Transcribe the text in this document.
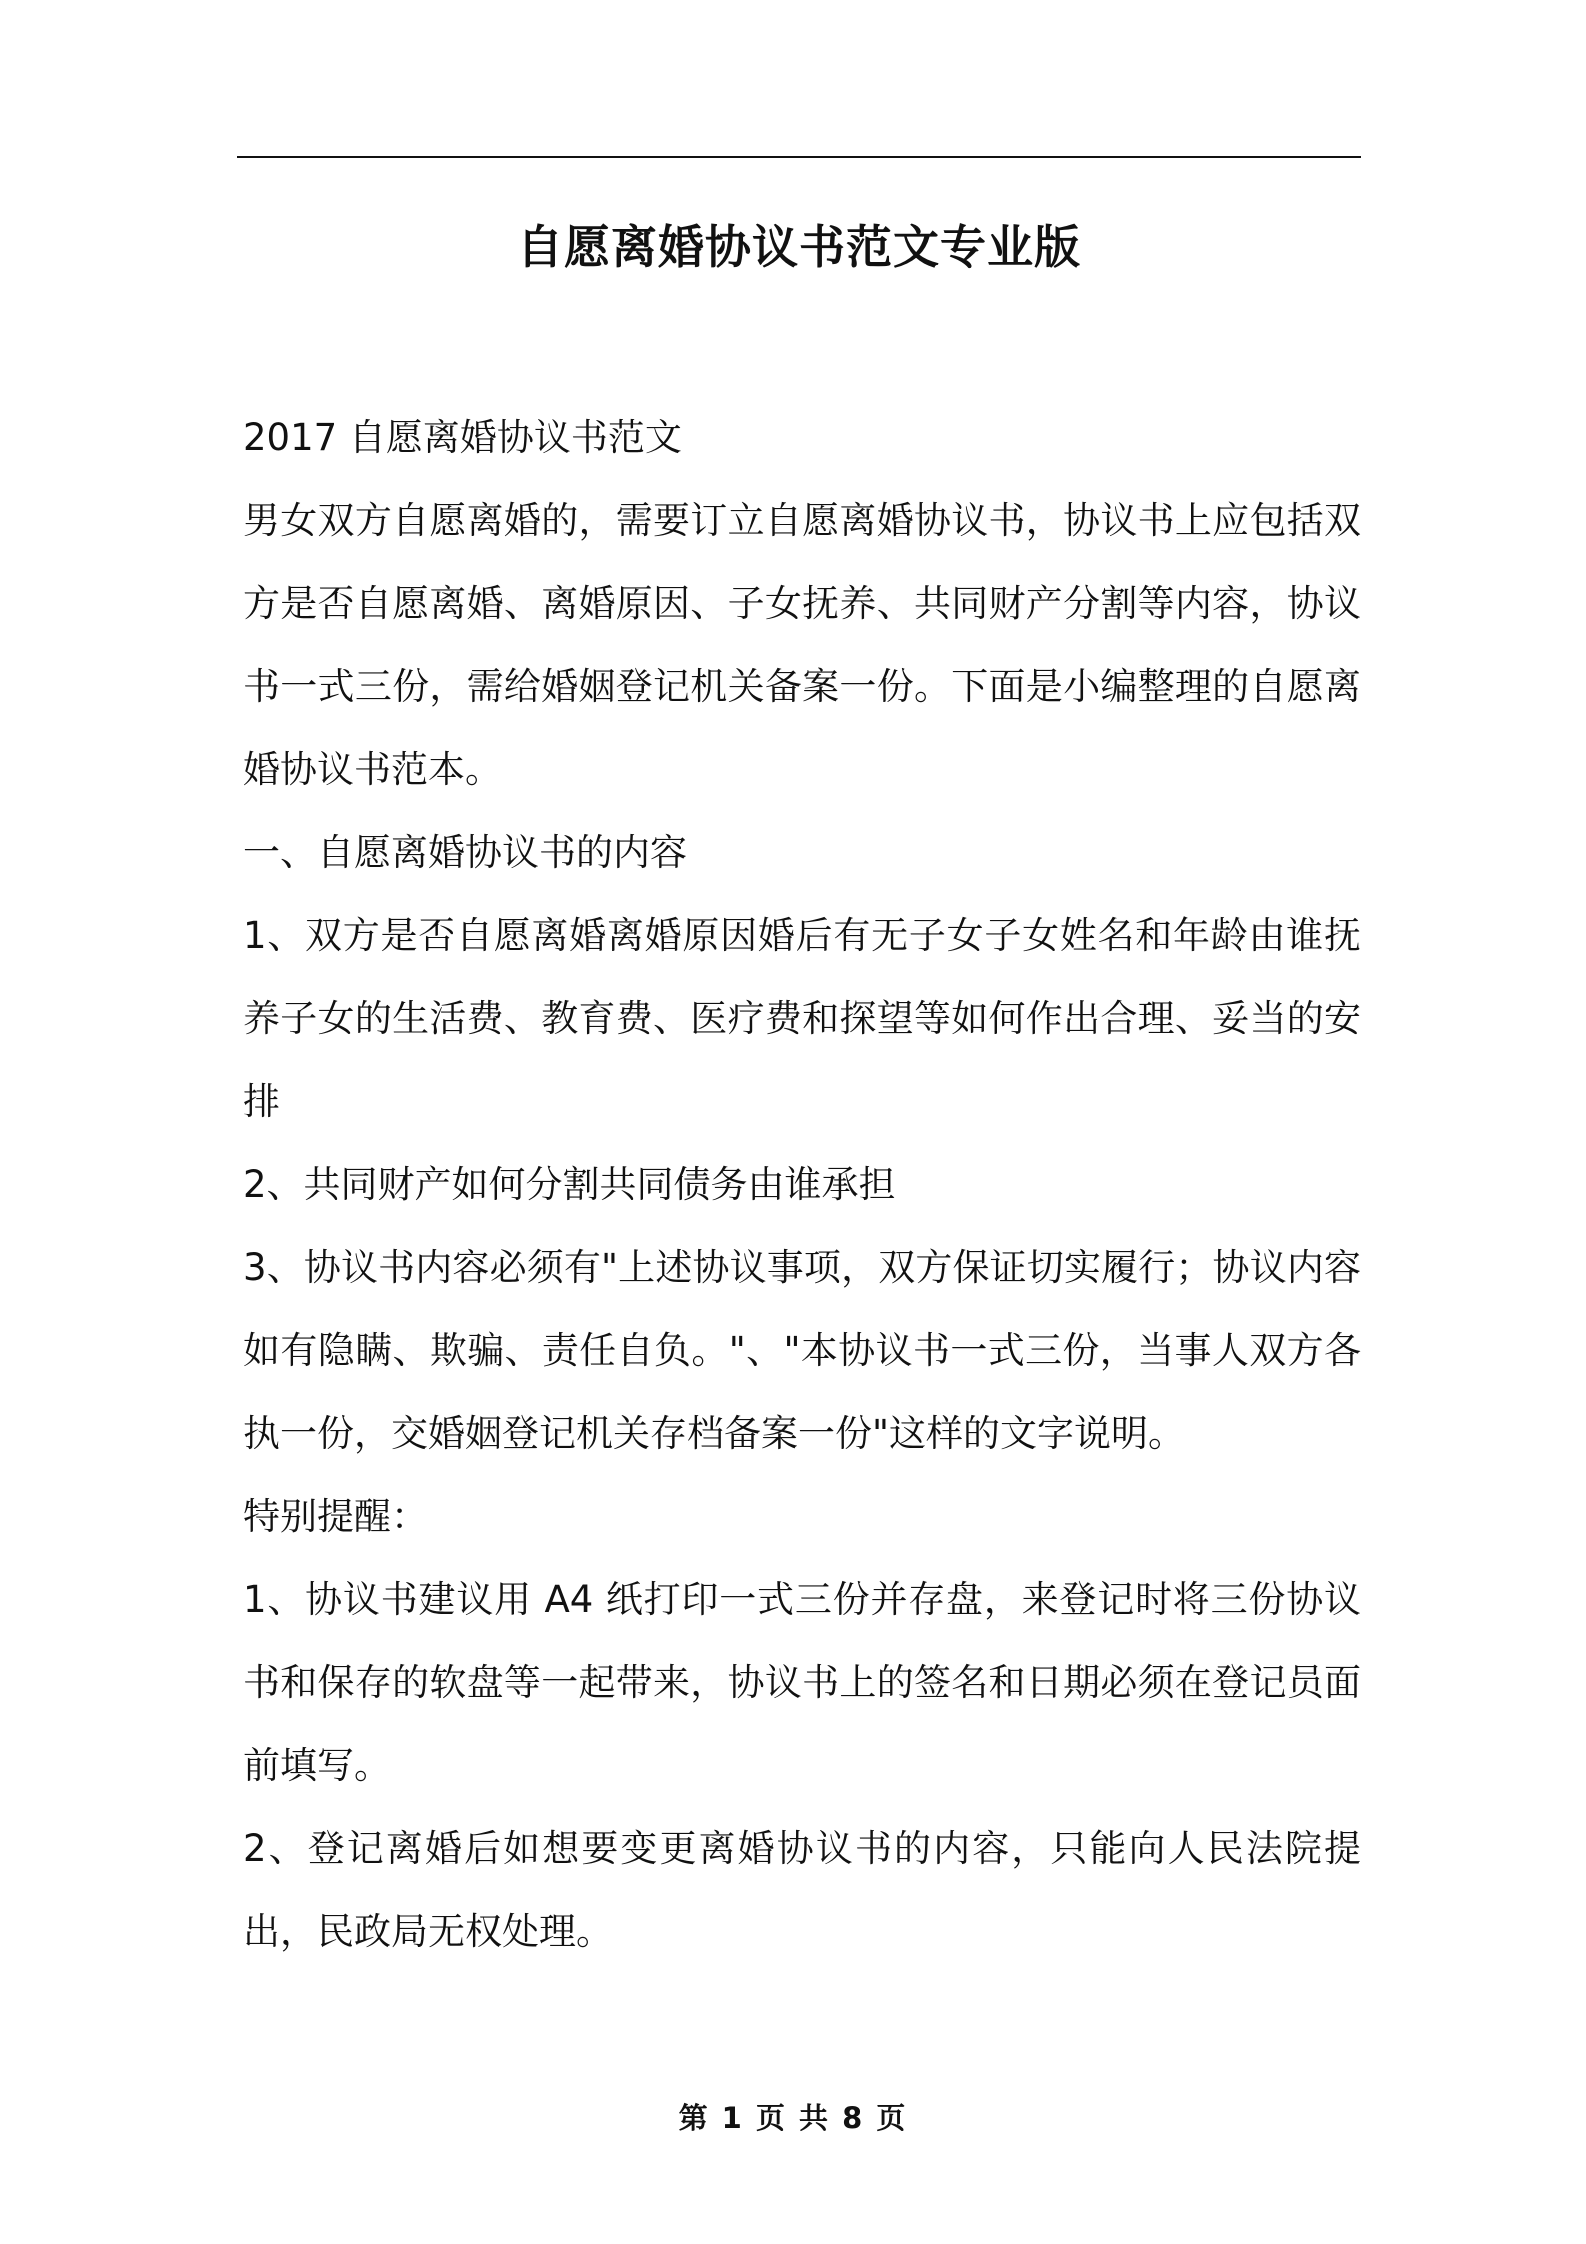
自愿离婚协议书范文专业版

2017 自愿离婚协议书范文

男女双方自愿离婚的，需要订立自愿离婚协议书，协议书上应包括双方是否自愿离婚、离婚原因、子女抚养、共同财产分割等内容，协议书一式三份，需给婚姻登记机关备案一份。下面是小编整理的自愿离婚协议书范本。

一、自愿离婚协议书的内容

1、双方是否自愿离婚离婚原因婚后有无子女子女姓名和年龄由谁抚养子女的生活费、教育费、医疗费和探望等如何作出合理、妥当的安排

2、共同财产如何分割共同债务由谁承担

3、协议书内容必须有"上述协议事项，双方保证切实履行；协议内容如有隐瞒、欺骗、责任自负。"、"本协议书一式三份，当事人双方各执一份，交婚姻登记机关存档备案一份"这样的文字说明。

特别提醒：

1、协议书建议用 A4 纸打印一式三份并存盘，来登记时将三份协议书和保存的软盘等一起带来，协议书上的签名和日期必须在登记员面前填写。

2、登记离婚后如想要变更离婚协议书的内容，只能向人民法院提出，民政局无权处理。

第 1 页 共 8 页
